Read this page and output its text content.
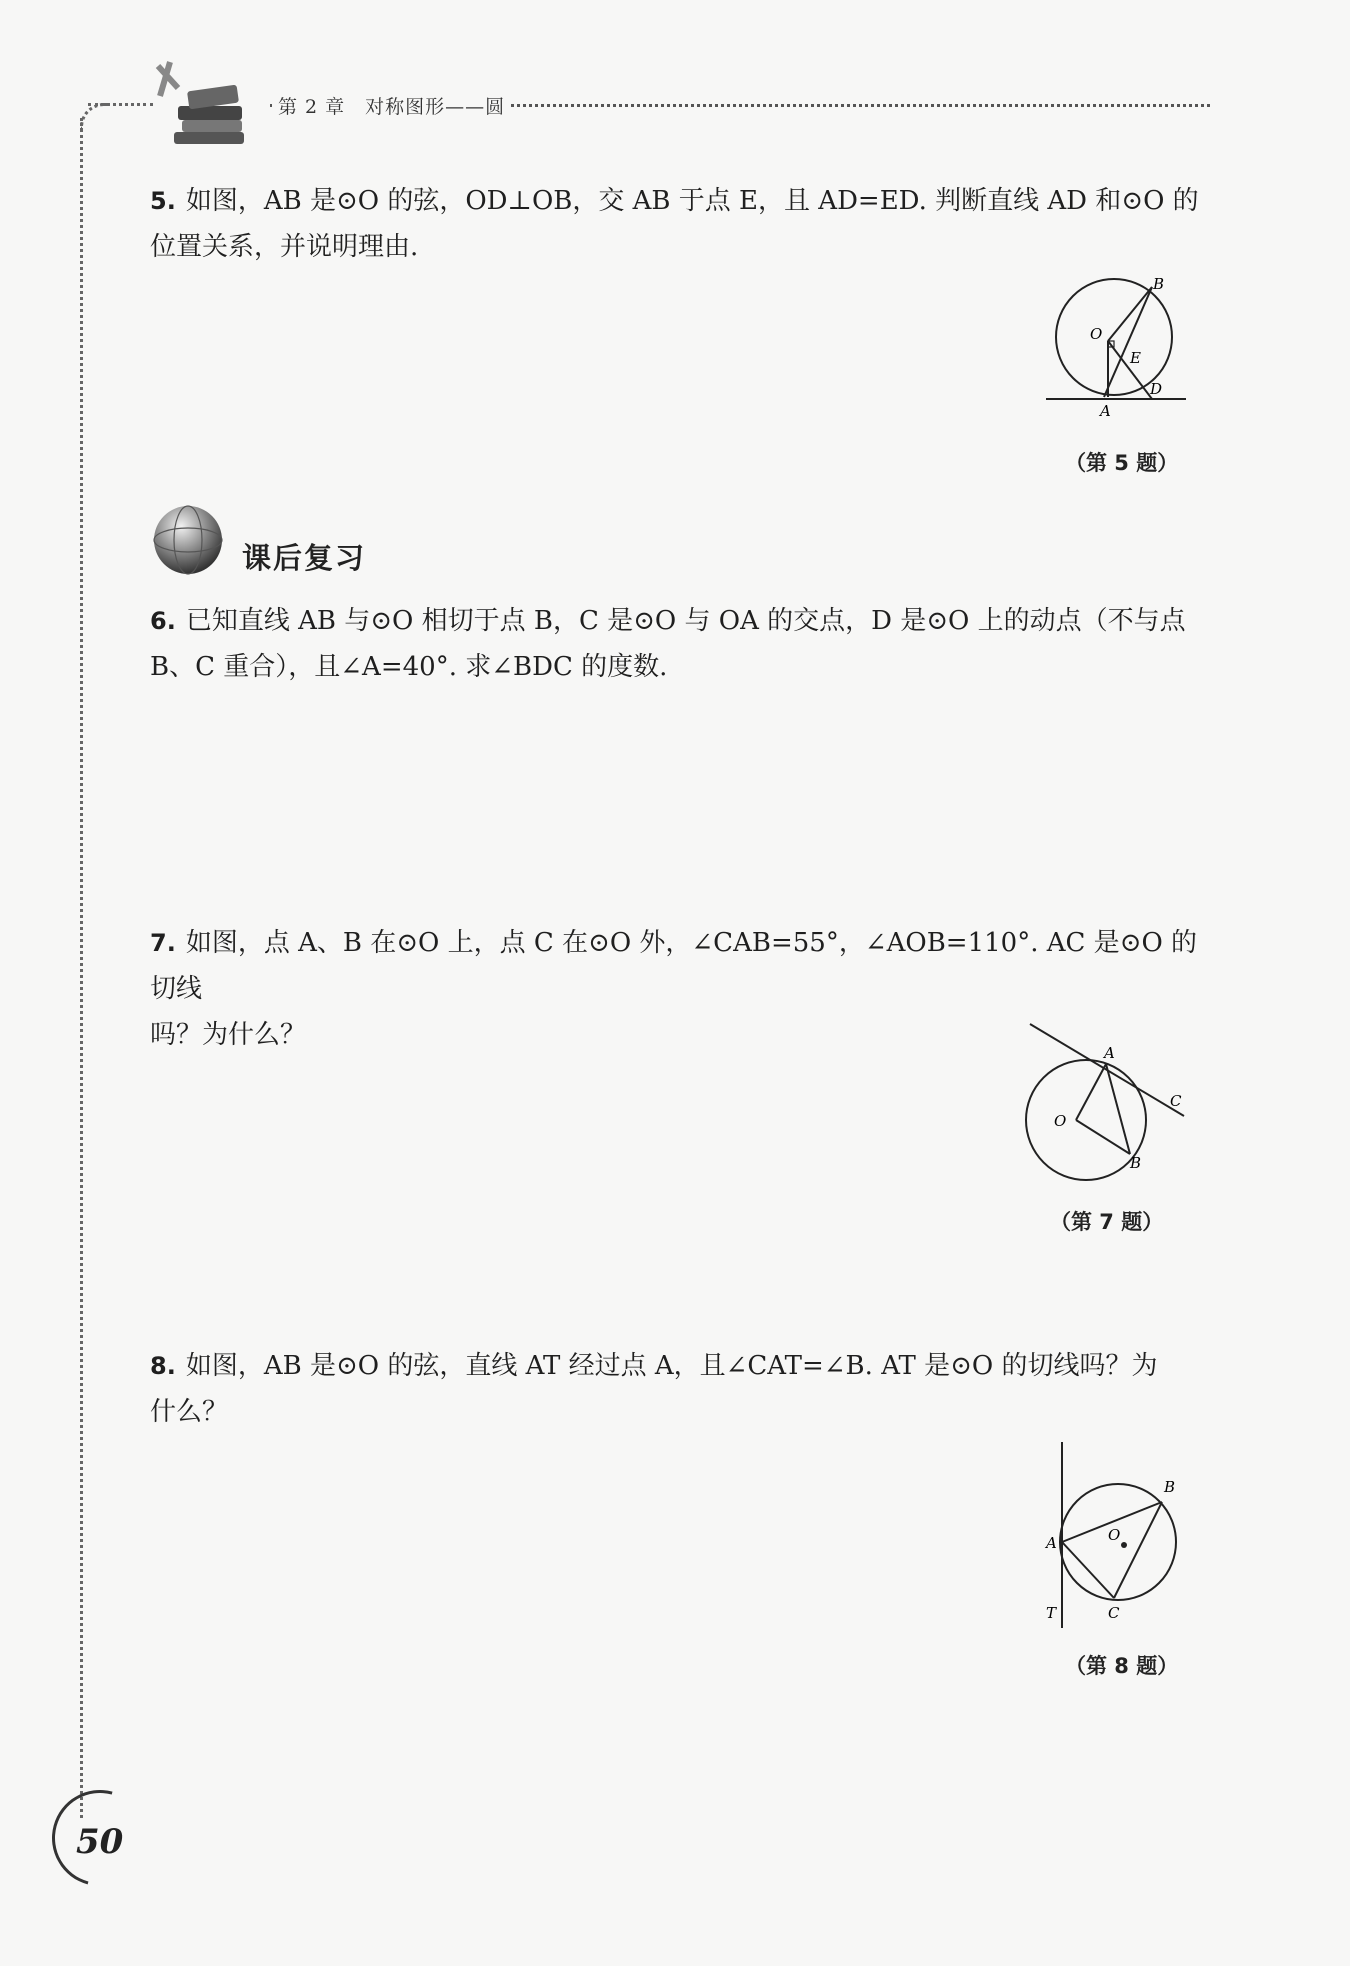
第 2 章　对称图形——圆
5. 如图，AB 是⊙O 的弦，OD⊥OB，交 AB 于点 E，且 AD=ED. 判断直线 AD 和⊙O 的
位置关系，并说明理由.
B
O
E
D
A
（第 5 题）
课后复习
6. 已知直线 AB 与⊙O 相切于点 B，C 是⊙O 与 OA 的交点，D 是⊙O 上的动点（不与点
B、C 重合），且∠A=40°. 求∠BDC 的度数.
7. 如图，点 A、B 在⊙O 上，点 C 在⊙O 外，∠CAB=55°，∠AOB=110°. AC 是⊙O 的切线
吗？为什么？
A
C
O
B
（第 7 题）
8. 如图，AB 是⊙O 的弦，直线 AT 经过点 A，且∠CAT=∠B. AT 是⊙O 的切线吗？为
什么？
B
O
A
T	C
（第 8 题）
50
